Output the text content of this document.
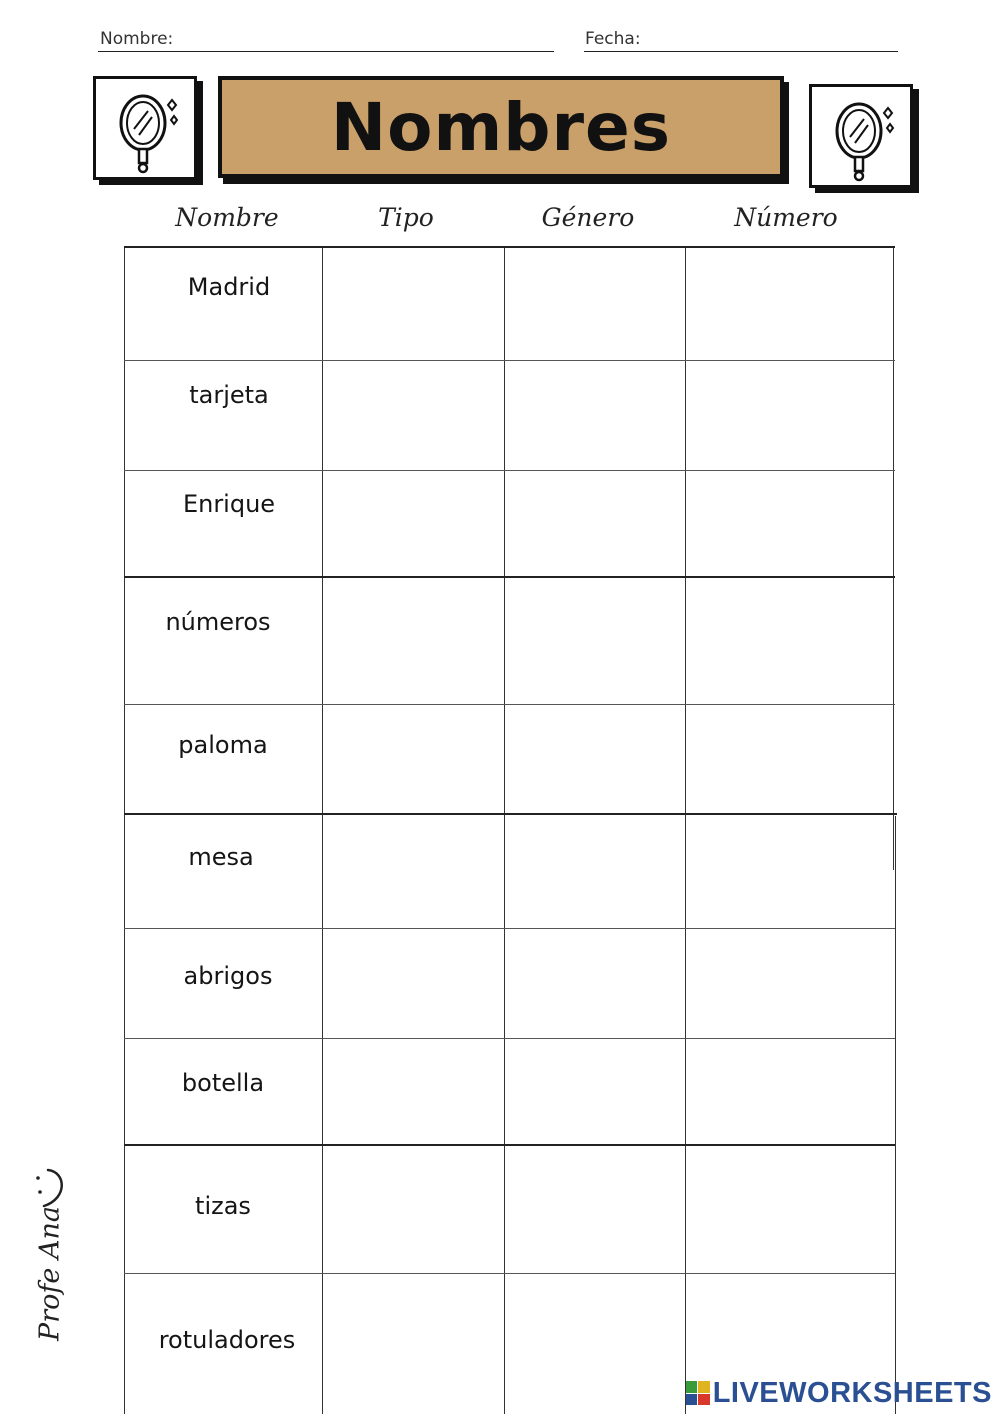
Nombre:	Fecha:
Nombres
Nombre	Tipo	Género	Número
Madrid
tarjeta
Enrique
números
paloma
mesa
abrigos
botella
tizas
rotuladores
Profe Ana
LIVEWORKSHEETS
